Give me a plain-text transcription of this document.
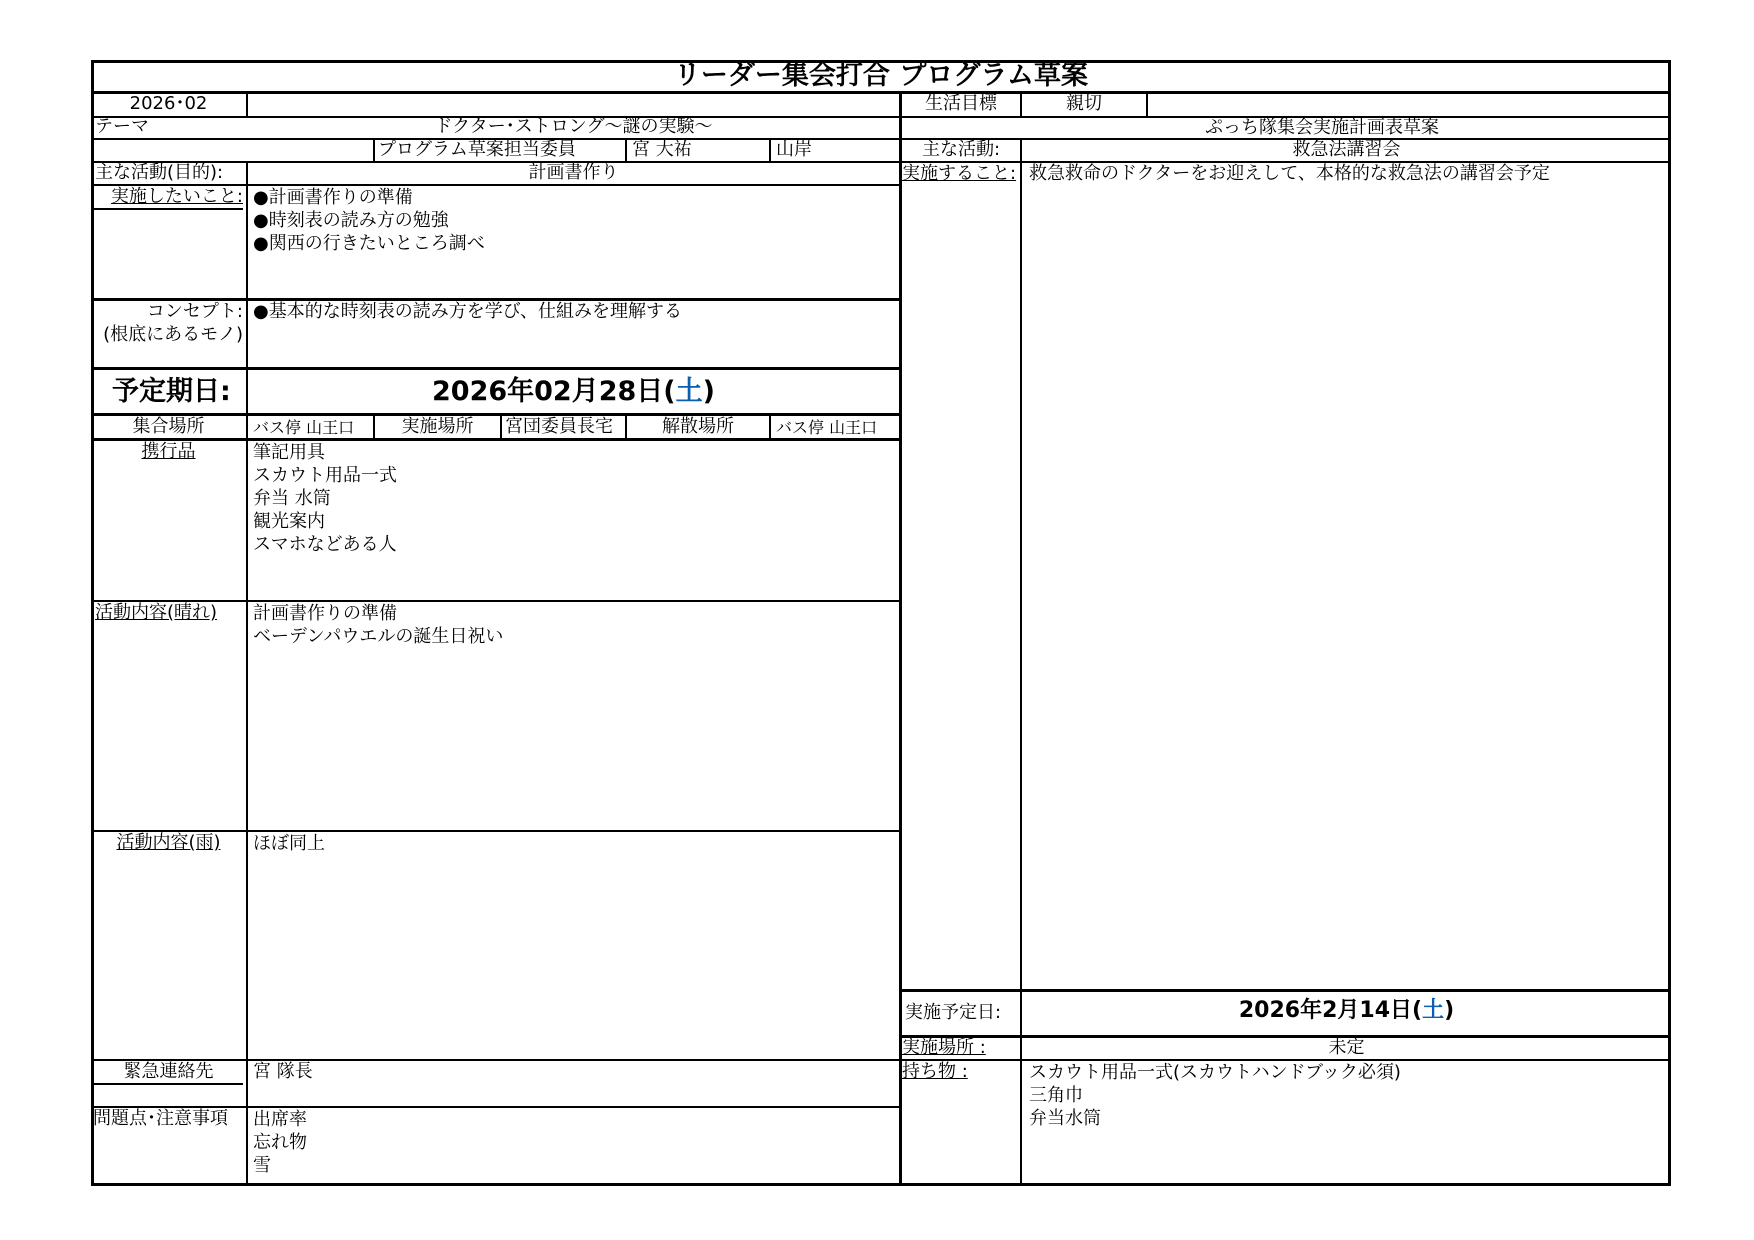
リーダー集会打合 プログラム草案
2026･02
テーマ	ドクター･ストロング～謎の実験～
プログラム草案担当委員	宮 大祐	山岸
主な活動(目的):	計画書作り
実施したいこと: ●計画書作りの準備
●時刻表の読み方の勉強
●関西の行きたいところ調べ
コンセプト:
(根底にあるモノ)
●基本的な時刻表の読み方を学び、仕組みを理解する
予定期日:	2026年02月28日(土)
集合場所	バス停 山王口	実施場所	宮団委員長宅	解散場所	バス停 山王口
携行品	筆記用具
スカウト用品一式
弁当 水筒
観光案内
スマホなどある人
活動内容(晴れ) 計画書作りの準備
ベーデンパウエルの誕生日祝い
活動内容(雨)	ほぼ同上
緊急連絡先	宮 隊長
問題点･注意事項 出席率
忘れ物
雪
生活目標	親切
ぷっち隊集会実施計画表草案
主な活動:	救急法講習会
実施すること: 救急救命のドクターをお迎えして、本格的な救急法の講習会予定
実施予定日:	2026年2月14日(土)
実施場所 :	未定
持ち物 :	スカウト用品一式(スカウトハンドブック必須)
三角巾
弁当水筒
